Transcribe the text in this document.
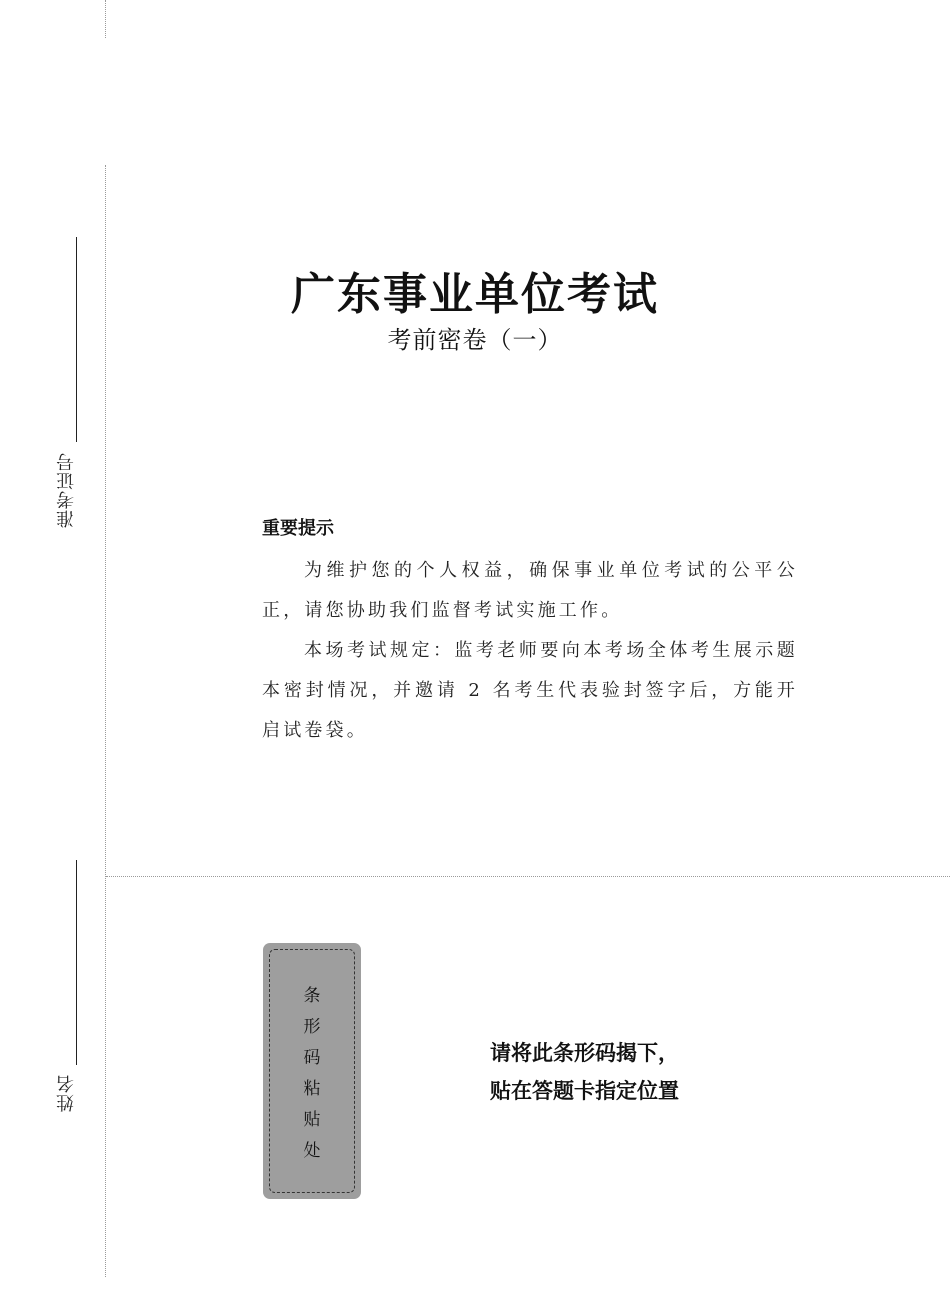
准考证号
姓名
广东事业单位考试
考前密卷（一）
重要提示

为维护您的个人权益，确保事业单位考试的公平公正，请您协助我们监督考试实施工作。

本场考试规定：监考老师要向本考场全体考生展示题本密封情况，并邀请 2 名考生代表验封签字后，方能开启试卷袋。

条
形
码
粘
贴
处
请将此条形码揭下，
贴在答题卡指定位置
